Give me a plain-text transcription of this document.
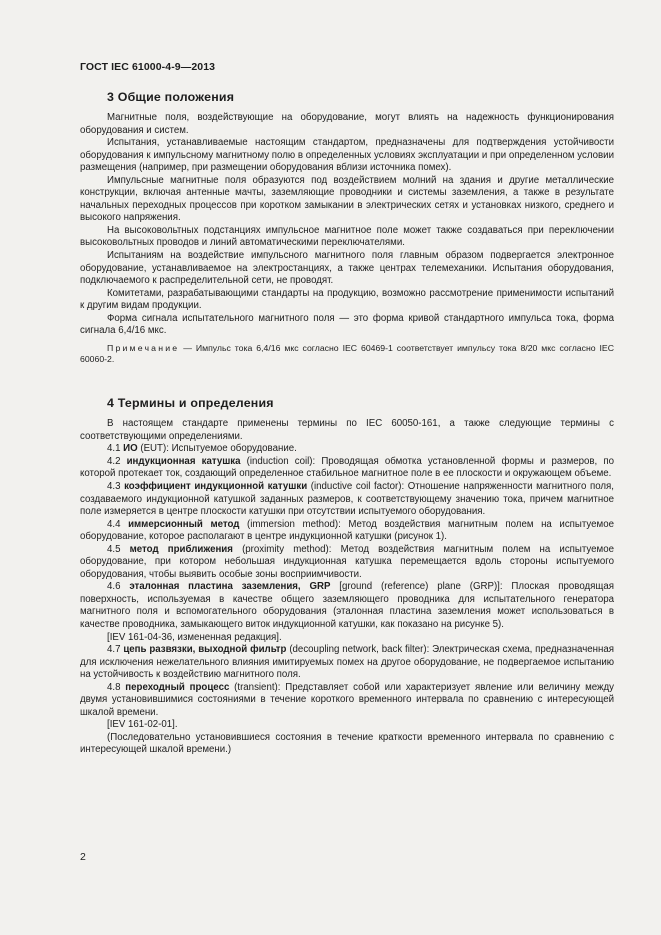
ГОСТ IEC 61000-4-9—2013
3 Общие положения

Магнитные поля, воздействующие на оборудование, могут влиять на надежность функционирования оборудования и систем.

Испытания, устанавливаемые настоящим стандартом, предназначены для подтверждения устойчивости оборудования к импульсному магнитному полю в определенных условиях эксплуатации и при определенном условии размещения (например, при размещении оборудования вблизи источника помех).

Импульсные магнитные поля образуются под воздействием молний на здания и другие металлические конструкции, включая антенные мачты, заземляющие проводники и системы заземления, а также в результате начальных переходных процессов при коротком замыкании в электрических сетях и установках низкого, среднего и высокого напряжения.

На высоковольтных подстанциях импульсное магнитное поле может также создаваться при переключении высоковольтных проводов и линий автоматическими переключателями.

Испытаниям на воздействие импульсного магнитного поля главным образом подвергается электронное оборудование, устанавливаемое на электростанциях, а также центрах телемеханики. Испытания оборудования, подключаемого к распределительной сети, не проводят.

Комитетами, разрабатывающими стандарты на продукцию, возможно рассмотрение применимости испытаний к другим видам продукции.

Форма сигнала испытательного магнитного поля — это форма кривой стандартного импульса тока, форма сигнала 6,4/16 мкс.

Примечание — Импульс тока 6,4/16 мкс согласно IEC 60469-1 соответствует импульсу тока 8/20 мкс согласно IEC 60060-2.

4 Термины и определения

В настоящем стандарте применены термины по IEC 60050-161, а также следующие термины с соответствующими определениями.

4.1 ИО (EUT): Испытуемое оборудование.

4.2 индукционная катушка (induction coil): Проводящая обмотка установленной формы и размеров, по которой протекает ток, создающий определенное стабильное магнитное поле в ее плоскости и окружающем объеме.

4.3 коэффициент индукционной катушки (inductive coil factor): Отношение напряженности магнитного поля, создаваемого индукционной катушкой заданных размеров, к соответствующему значению тока, причем магнитное поле измеряется в центре плоскости катушки при отсутствии испытуемого оборудования.

4.4 иммерсионный метод (immersion method): Метод воздействия магнитным полем на испытуемое оборудование, которое располагают в центре индукционной катушки (рисунок 1).

4.5 метод приближения (proximity method): Метод воздействия магнитным полем на испытуемое оборудование, при котором небольшая индукционная катушка перемещается вдоль стороны испытуемого оборудования, чтобы выявить особые зоны восприимчивости.

4.6 эталонная пластина заземления, GRP [ground (reference) plane (GRP)]: Плоская проводящая поверхность, используемая в качестве общего заземляющего проводника для испытательного генератора магнитного поля и вспомогательного оборудования (эталонная пластина заземления может использоваться в качестве проводника, замыкающего виток индукционной катушки, как показано на рисунке 5).

[IEV 161-04-36, измененная редакция].

4.7 цепь развязки, выходной фильтр (decoupling network, back filter): Электрическая схема, предназначенная для исключения нежелательного влияния имитируемых помех на другое оборудование, не подвергаемое испытанию на устойчивость к воздействию магнитного поля.

4.8 переходный процесс (transient): Представляет собой или характеризует явление или величину между двумя установившимися состояниями в течение короткого временного интервала по сравнению с интересующей шкалой времени.

[IEV 161-02-01].

(Последовательно установившиеся состояния в течение краткости временного интервала по сравнению с интересующей шкалой времени.)

2
